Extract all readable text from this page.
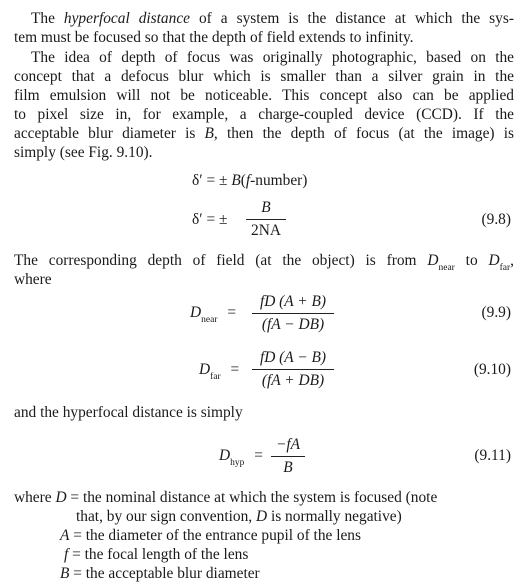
The hyperfocal distance of a system is the distance at which the sys-
tem must be focused so that the depth of field extends to infinity.
The idea of depth of focus was originally photographic, based on the
concept that a defocus blur which is smaller than a silver grain in the
film emulsion will not be noticeable. This concept also can be applied
to pixel size in, for example, a charge-coupled device (CCD). If the
acceptable blur diameter is B, then the depth of focus (at the image) is
simply (see Fig. 9.10).
δ′ = ± B(f-number)
δ′ = ±
B
2NA
(9.8)
The corresponding depth of field (at the object) is from $D_{near}$ to $D_{far}$,
where
$D_{near}$ =
fD (A + B)
(fA − DB)
(9.9)
$D_{far}$ =
fD (A − B)
(fA + DB)
(9.10)
and the hyperfocal distance is simply
$D_{hyp}$ =
−fA
B
(9.11)
where D = the nominal distance at which the system is focused (note
that, by our sign convention, D is normally negative)
A = the diameter of the entrance pupil of the lens
f = the focal length of the lens
B = the acceptable blur diameter
